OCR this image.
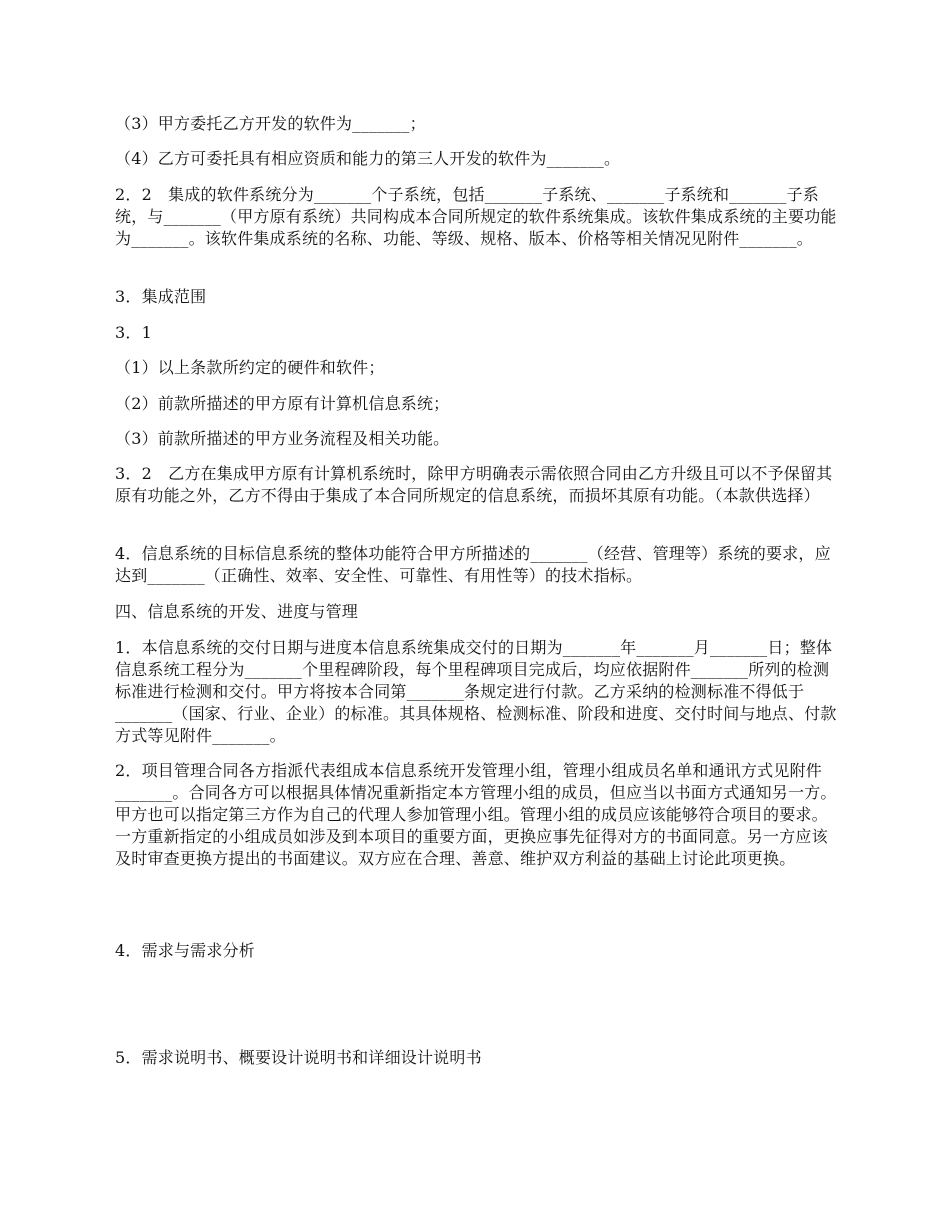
（3）甲方委托乙方开发的软件为_______；

（4）乙方可委托具有相应资质和能力的第三人开发的软件为_______。

2．2　集成的软件系统分为_______个子系统，包括_______子系统、_______子系统和_______子系统，与_______（甲方原有系统）共同构成本合同所规定的软件系统集成。该软件集成系统的主要功能为_______。该软件集成系统的名称、功能、等级、规格、版本、价格等相关情况见附件_______。

3．集成范围

3．1

（1）以上条款所约定的硬件和软件；

（2）前款所描述的甲方原有计算机信息系统；

（3）前款所描述的甲方业务流程及相关功能。

3．2　乙方在集成甲方原有计算机系统时，除甲方明确表示需依照合同由乙方升级且可以不予保留其原有功能之外，乙方不得由于集成了本合同所规定的信息系统，而损坏其原有功能。（本款供选择）

4．信息系统的目标信息系统的整体功能符合甲方所描述的_______（经营、管理等）系统的要求，应达到_______（正确性、效率、安全性、可靠性、有用性等）的技术指标。

四、信息系统的开发、进度与管理

1．本信息系统的交付日期与进度本信息系统集成交付的日期为_______年_______月_______日；整体信息系统工程分为_______个里程碑阶段，每个里程碑项目完成后，均应依据附件_______所列的检测标准进行检测和交付。甲方将按本合同第_______条规定进行付款。乙方采纳的检测标准不得低于_______（国家、行业、企业）的标准。其具体规格、检测标准、阶段和进度、交付时间与地点、付款方式等见附件_______。

2．项目管理合同各方指派代表组成本信息系统开发管理小组，管理小组成员名单和通讯方式见附件_______。合同各方可以根据具体情况重新指定本方管理小组的成员，但应当以书面方式通知另一方。甲方也可以指定第三方作为自己的代理人参加管理小组。管理小组的成员应该能够符合项目的要求。一方重新指定的小组成员如涉及到本项目的重要方面，更换应事先征得对方的书面同意。另一方应该及时审查更换方提出的书面建议。双方应在合理、善意、维护双方利益的基础上讨论此项更换。

4．需求与需求分析

5．需求说明书、概要设计说明书和详细设计说明书
